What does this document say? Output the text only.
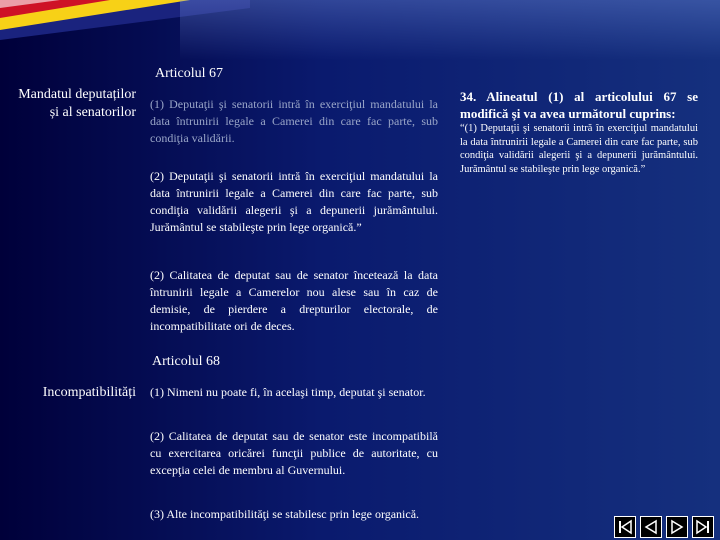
Articolul 67
Mandatul deputaților și al senatorilor
(1) Deputaţii şi senatorii intră în exerciţiul mandatului la data întrunirii legale a Camerei din care fac parte, sub condiţia validării.
(2) Deputaţii şi senatorii intră în exerciţiul mandatului la data întrunirii legale a Camerei din care fac parte, sub condiţia validării alegerii şi a depunerii jurământului. Jurământul se stabileşte prin lege organică.”
(2) Calitatea de deputat sau de senator încetează la data întrunirii legale a Camerelor nou alese sau în caz de demisie, de pierdere a drepturilor electorale, de incompatibilitate ori de deces.
Articolul 68
Incompatibilități (1) Nimeni nu poate fi, în acelaşi timp, deputat şi senator.
(2) Calitatea de deputat sau de senator este incompatibilă cu exercitarea oricărei funcţii publice de autoritate, cu excepţia celei de membru al Guvernului.
(3) Alte incompatibilităţi se stabilesc prin lege organică.
34. Alineatul (1) al articolului 67 se modifică şi va avea următorul cuprins:
“(1) Deputaţii şi senatorii intră în exerciţiul mandatului la data întrunirii legale a Camerei din care fac parte, sub condiţia validării alegerii şi a depunerii jurământului. Jurământul se stabileşte prin lege organică.”
